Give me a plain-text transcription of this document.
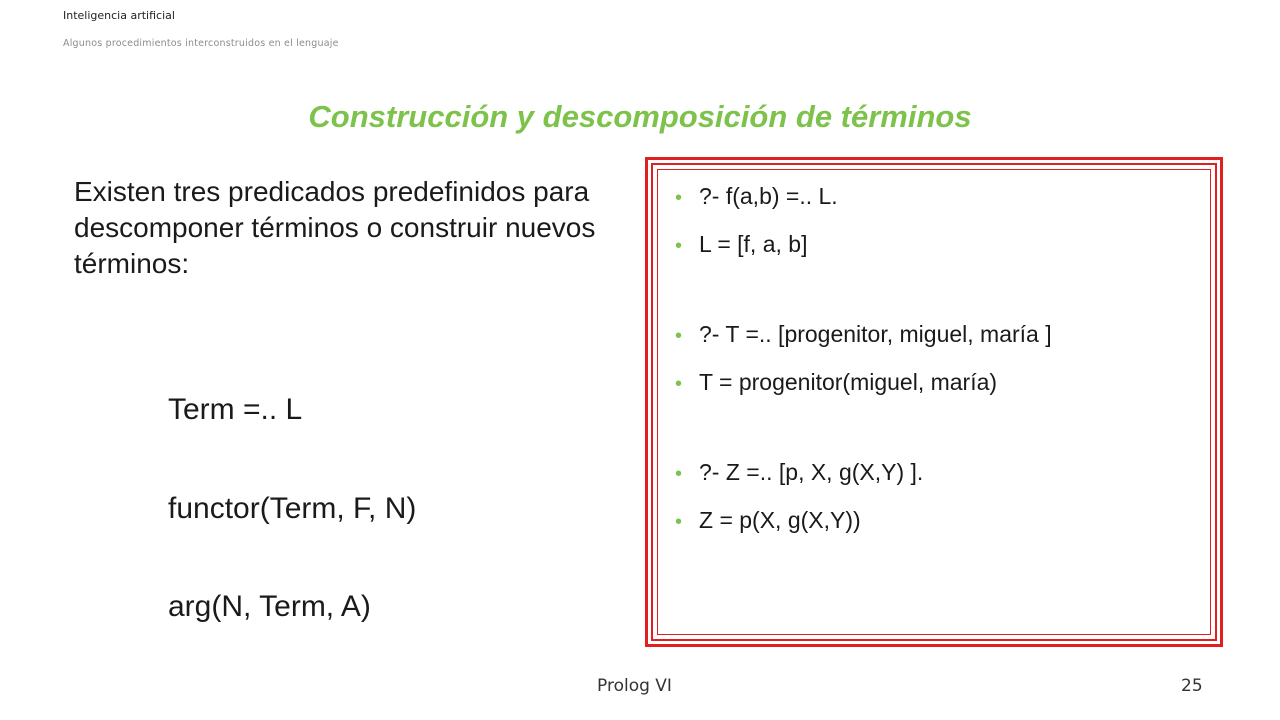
Inteligencia artificial
Algunos procedimientos interconstruidos en el lenguaje
Construcción y descomposición de términos

Existen tres predicados predefinidos para descomponer términos o construir nuevos términos:

Term =.. L
functor(Term, F, N)
arg(N, Term, A)
• ?- f(a,b) =.. L.
• L = [f, a, b]
• ?- T =.. [progenitor, miguel, maría ]
• T = progenitor(miguel, maría)
• ?- Z =.. [p, X, g(X,Y) ].
• Z = p(X, g(X,Y))
Prolog VI	25
